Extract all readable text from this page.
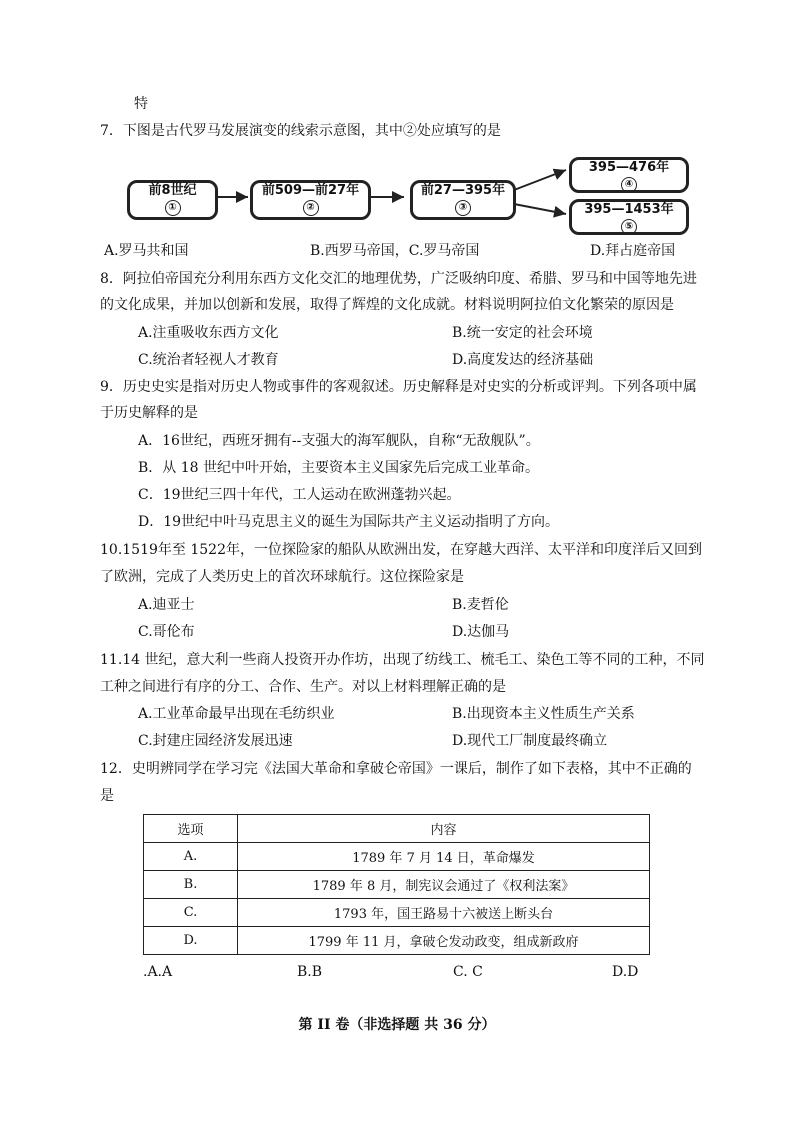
特
7．下图是古代罗马发展演变的线索示意图，其中②处应填写的是
前8世纪
①
前509—前27年
②
前27—395年
③
395—476年
④
395—1453年
⑤
A.罗马共和国	B.西罗马帝国，C.罗马帝国	D.拜占庭帝国
8．阿拉伯帝国充分利用东西方文化交汇的地理优势，广泛吸纳印度、希腊、罗马和中国等地先进
的文化成果，并加以创新和发展，取得了辉煌的文化成就。材料说明阿拉伯文化繁荣的原因是
A.注重吸收东西方文化	B.统一安定的社会环境
C.统治者轻视人才教育	D.高度发达的经济基础
9．历史史实是指对历史人物或事件的客观叙述。历史解释是对史实的分析或评判。下列各项中属
于历史解释的是
A．16世纪，西班牙拥有--支强大的海军舰队，自称“无敌舰队”。
B．从 18 世纪中叶开始，主要资本主义国家先后完成工业革命。
C．19世纪三四十年代，工人运动在欧洲蓬勃兴起。
D．19世纪中叶马克思主义的诞生为国际共产主义运动指明了方向。
10.1519年至 1522年，一位探险家的船队从欧洲出发，在穿越大西洋、太平洋和印度洋后又回到
了欧洲，完成了人类历史上的首次环球航行。这位探险家是
A.迪亚士	B.麦哲伦
C.哥伦布	D.达伽马
11.14 世纪，意大利一些商人投资开办作坊，出现了纺线工、梳毛工、染色工等不同的工种，不同
工种之间进行有序的分工、合作、生产。对以上材料理解正确的是
A.工业革命最早出现在毛纺织业	B.出现资本主义性质生产关系
C.封建庄园经济发展迅速	D.现代工厂制度最终确立
12．史明辨同学在学习完《法国大革命和拿破仑帝国》一课后，制作了如下表格，其中不正确的
是
选项	内容
A.	1789 年 7 月 14 日，革命爆发
B.	1789 年 8 月，制宪议会通过了《权利法案》
C.	1793 年，国王路易十六被送上断头台
D.	1799 年 11 月，拿破仑发动政变，组成新政府
.A.A	B.B	C. C	D.D
第 II 卷（非选择题 共 36 分）
